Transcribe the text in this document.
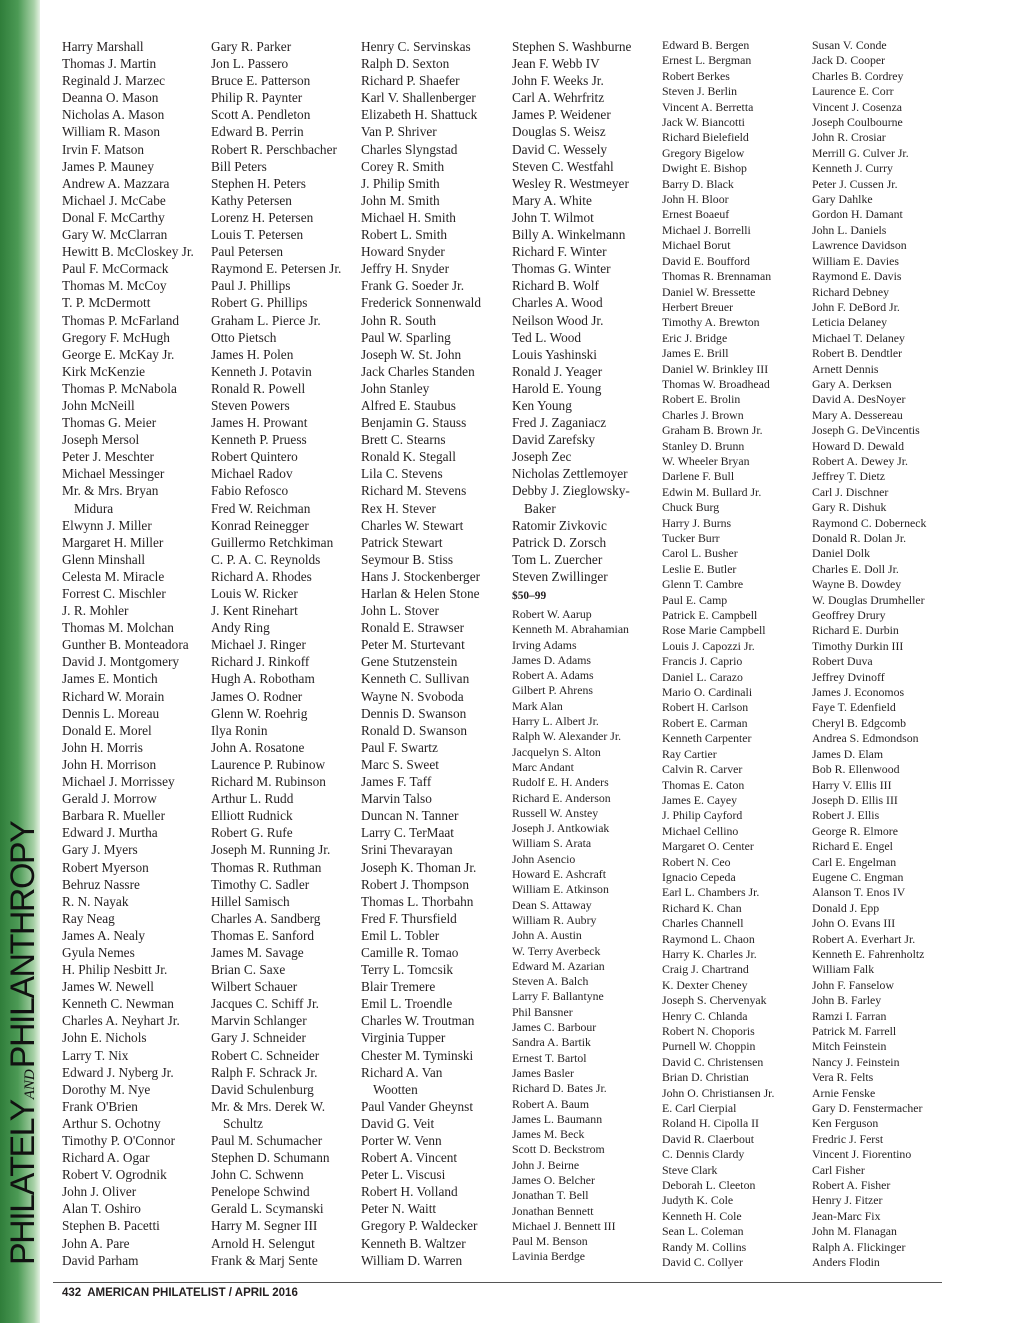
PHILATELYANDPHILANTHROPY
Harry Marshall
Thomas J. Martin
Reginald J. Marzec
Deanna O. Mason
Nicholas A. Mason
William R. Mason
Irvin F. Matson
James P. Mauney
Andrew A. Mazzara
Michael J. McCabe
Donal F. McCarthy
Gary W. McClarran
Hewitt B. McCloskey Jr.
Paul F. McCormack
Thomas M. McCoy
T. P. McDermott
Thomas P. McFarland
Gregory F. McHugh
George E. McKay Jr.
Kirk McKenzie
Thomas P. McNabola
John McNeill
Thomas G. Meier
Joseph Mersol
Peter J. Meschter
Michael Messinger
Mr. & Mrs. Bryan
Midura
Elwynn J. Miller
Margaret H. Miller
Glenn Minshall
Celesta M. Miracle
Forrest C. Mischler
J. R. Mohler
Thomas M. Molchan
Gunther B. Monteadora
David J. Montgomery
James E. Montich
Richard W. Morain
Dennis L. Moreau
Donald E. Morel
John H. Morris
John H. Morrison
Michael J. Morrissey
Gerald J. Morrow
Barbara R. Mueller
Edward J. Murtha
Gary J. Myers
Robert Myerson
Behruz Nassre
R. N. Nayak
Ray Neag
James A. Nealy
Gyula Nemes
H. Philip Nesbitt Jr.
James W. Newell
Kenneth C. Newman
Charles A. Neyhart Jr.
John E. Nichols
Larry T. Nix
Edward J. Nyberg Jr.
Dorothy M. Nye
Frank O'Brien
Arthur S. Ochotny
Timothy P. O'Connor
Richard A. Ogar
Robert V. Ogrodnik
John J. Oliver
Alan T. Oshiro
Stephen B. Pacetti
John A. Pare
David Parham
Gary R. Parker
Jon L. Passero
Bruce E. Patterson
Philip R. Paynter
Scott A. Pendleton
Edward B. Perrin
Robert R. Perschbacher
Bill Peters
Stephen H. Peters
Kathy Petersen
Lorenz H. Petersen
Louis T. Petersen
Paul Petersen
Raymond E. Petersen Jr.
Paul J. Phillips
Robert G. Phillips
Graham L. Pierce Jr.
Otto Pietsch
James H. Polen
Kenneth J. Potavin
Ronald R. Powell
Steven Powers
James H. Prowant
Kenneth P. Pruess
Robert Quintero
Michael Radov
Fabio Refosco
Fred W. Reichman
Konrad Reinegger
Guillermo Retchkiman
C. P. A. C. Reynolds
Richard A. Rhodes
Louis W. Ricker
J. Kent Rinehart
Andy Ring
Michael J. Ringer
Richard J. Rinkoff
Hugh A. Robotham
James O. Rodner
Glenn W. Roehrig
Ilya Ronin
John A. Rosatone
Laurence P. Rubinow
Richard M. Rubinson
Arthur L. Rudd
Elliott Rudnick
Robert G. Rufe
Joseph M. Running Jr.
Thomas R. Ruthman
Timothy C. Sadler
Hillel Samisch
Charles A. Sandberg
Thomas E. Sanford
James M. Savage
Brian C. Saxe
Wilbert Schauer
Jacques C. Schiff Jr.
Marvin Schlanger
Gary J. Schneider
Robert C. Schneider
Ralph F. Schrack Jr.
David Schulenburg
Mr. & Mrs. Derek W.
Schultz
Paul M. Schumacher
Stephen D. Schumann
John C. Schwenn
Penelope Schwind
Gerald L. Scymanski
Harry M. Segner III
Arnold H. Selengut
Frank & Marj Sente
Henry C. Servinskas
Ralph D. Sexton
Richard P. Shaefer
Karl V. Shallenberger
Elizabeth H. Shattuck
Van P. Shriver
Charles Slyngstad
Corey R. Smith
J. Philip Smith
John M. Smith
Michael H. Smith
Robert L. Smith
Howard Snyder
Jeffry H. Snyder
Frank G. Soeder Jr.
Frederick Sonnenwald
John R. South
Paul W. Sparling
Joseph W. St. John
Jack Charles Standen
John Stanley
Alfred E. Staubus
Benjamin G. Stauss
Brett C. Stearns
Ronald K. Stegall
Lila C. Stevens
Richard M. Stevens
Rex H. Stever
Charles W. Stewart
Patrick Stewart
Seymour B. Stiss
Hans J. Stockenberger
Harlan & Helen Stone
John L. Stover
Ronald E. Strawser
Peter M. Sturtevant
Gene Stutzenstein
Kenneth C. Sullivan
Wayne N. Svoboda
Dennis D. Swanson
Ronald D. Swanson
Paul F. Swartz
Marc S. Sweet
James F. Taff
Marvin Talso
Duncan N. Tanner
Larry C. TerMaat
Srini Thevarayan
Joseph K. Thoman Jr.
Robert J. Thompson
Thomas L. Thorbahn
Fred F. Thursfield
Emil L. Tobler
Camille R. Tomao
Terry L. Tomcsik
Blair Tremere
Emil L. Troendle
Charles W. Troutman
Virginia Tupper
Chester M. Tyminski
Richard A. Van
Wootten
Paul Vander Gheynst
David G. Veit
Porter W. Venn
Robert A. Vincent
Peter L. Viscusi
Robert H. Volland
Peter N. Waitt
Gregory P. Waldecker
Kenneth B. Waltzer
William D. Warren
Stephen S. Washburne
Jean F. Webb IV
John F. Weeks Jr.
Carl A. Wehrfritz
James P. Weidener
Douglas S. Weisz
David C. Wessely
Steven C. Westfahl
Wesley R. Westmeyer
Mary A. White
John T. Wilmot
Billy A. Winkelmann
Richard F. Winter
Thomas G. Winter
Richard B. Wolf
Charles A. Wood
Neilson Wood Jr.
Ted L. Wood
Louis Yashinski
Ronald J. Yeager
Harold E. Young
Ken Young
Fred J. Zaganiacz
David Zarefsky
Joseph Zec
Nicholas Zettlemoyer
Debby J. Zieglowsky-
Baker
Ratomir Zivkovic
Patrick D. Zorsch
Tom L. Zuercher
Steven Zwillinger
$50–99
Robert W. Aarup
Kenneth M. Abrahamian
Irving Adams
James D. Adams
Robert A. Adams
Gilbert P. Ahrens
Mark Alan
Harry L. Albert Jr.
Ralph W. Alexander Jr.
Jacquelyn S. Alton
Marc Andant
Rudolf E. H. Anders
Richard E. Anderson
Russell W. Anstey
Joseph J. Antkowiak
William S. Arata
John Asencio
Howard E. Ashcraft
William E. Atkinson
Dean S. Attaway
William R. Aubry
John A. Austin
W. Terry Averbeck
Edward M. Azarian
Steven A. Balch
Larry F. Ballantyne
Phil Bansner
James C. Barbour
Sandra A. Bartik
Ernest T. Bartol
James Basler
Richard D. Bates Jr.
Robert A. Baum
James L. Baumann
James M. Beck
Scott D. Beckstrom
John J. Beirne
James O. Belcher
Jonathan T. Bell
Jonathan Bennett
Michael J. Bennett III
Paul M. Benson
Lavinia Berdge
Edward B. Bergen
Ernest L. Bergman
Robert Berkes
Steven J. Berlin
Vincent A. Berretta
Jack W. Biancotti
Richard Bielefield
Gregory Bigelow
Dwight E. Bishop
Barry D. Black
John H. Bloor
Ernest Boaeuf
Michael J. Borrelli
Michael Borut
David E. Boufford
Thomas R. Brennaman
Daniel W. Bressette
Herbert Breuer
Timothy A. Brewton
Eric J. Bridge
James E. Brill
Daniel W. Brinkley III
Thomas W. Broadhead
Robert E. Brolin
Charles J. Brown
Graham B. Brown Jr.
Stanley D. Brunn
W. Wheeler Bryan
Darlene F. Bull
Edwin M. Bullard Jr.
Chuck Burg
Harry J. Burns
Tucker Burr
Carol L. Busher
Leslie E. Butler
Glenn T. Cambre
Paul E. Camp
Patrick E. Campbell
Rose Marie Campbell
Louis J. Capozzi Jr.
Francis J. Caprio
Daniel L. Carazo
Mario O. Cardinali
Robert H. Carlson
Robert E. Carman
Kenneth Carpenter
Ray Cartier
Calvin R. Carver
Thomas E. Caton
James E. Cayey
J. Philip Cayford
Michael Cellino
Margaret O. Center
Robert N. Ceo
Ignacio Cepeda
Earl L. Chambers Jr.
Richard K. Chan
Charles Channell
Raymond L. Chaon
Harry K. Charles Jr.
Craig J. Chartrand
K. Dexter Cheney
Joseph S. Chervenyak
Henry C. Chlanda
Robert N. Choporis
Purnell W. Choppin
David C. Christensen
Brian D. Christian
John O. Christiansen Jr.
E. Carl Cierpial
Roland H. Cipolla II
David R. Claerbout
C. Dennis Clardy
Steve Clark
Deborah L. Cleeton
Judyth K. Cole
Kenneth H. Cole
Sean L. Coleman
Randy M. Collins
David C. Collyer
Susan V. Conde
Jack D. Cooper
Charles B. Cordrey
Laurence E. Corr
Vincent J. Cosenza
Joseph Coulbourne
John R. Crosiar
Merrill G. Culver Jr.
Kenneth J. Curry
Peter J. Cussen Jr.
Gary Dahlke
Gordon H. Damant
John L. Daniels
Lawrence Davidson
William E. Davies
Raymond E. Davis
Richard Debney
John F. DeBord Jr.
Leticia Delaney
Michael T. Delaney
Robert B. Dendtler
Arnett Dennis
Gary A. Derksen
David A. DesNoyer
Mary A. Dessereau
Joseph G. DeVincentis
Howard D. Dewald
Robert A. Dewey Jr.
Jeffrey T. Dietz
Carl J. Dischner
Gary R. Dishuk
Raymond C. Doberneck
Donald R. Dolan Jr.
Daniel Dolk
Charles E. Doll Jr.
Wayne B. Dowdey
W. Douglas Drumheller
Geoffrey Drury
Richard E. Durbin
Timothy Durkin III
Robert Duva
Jeffrey Dvinoff
James J. Economos
Faye T. Edenfield
Cheryl B. Edgcomb
Andrea S. Edmondson
James D. Elam
Bob R. Ellenwood
Harry V. Ellis III
Joseph D. Ellis III
Robert J. Ellis
George R. Elmore
Richard E. Engel
Carl E. Engelman
Eugene C. Engman
Alanson T. Enos IV
Donald J. Epp
John O. Evans III
Robert A. Everhart Jr.
Kenneth E. Fahrenholtz
William Falk
John F. Fanselow
John B. Farley
Ramzi I. Farran
Patrick M. Farrell
Mitch Feinstein
Nancy J. Feinstein
Vera R. Felts
Arnie Fenske
Gary D. Fenstermacher
Ken Ferguson
Fredric J. Ferst
Vincent J. Fiorentino
Carl Fisher
Robert A. Fisher
Henry J. Fitzer
Jean-Marc Fix
John M. Flanagan
Ralph A. Flickinger
Anders Flodin
432 AMERICAN PHILATELIST / APRIL 2016
